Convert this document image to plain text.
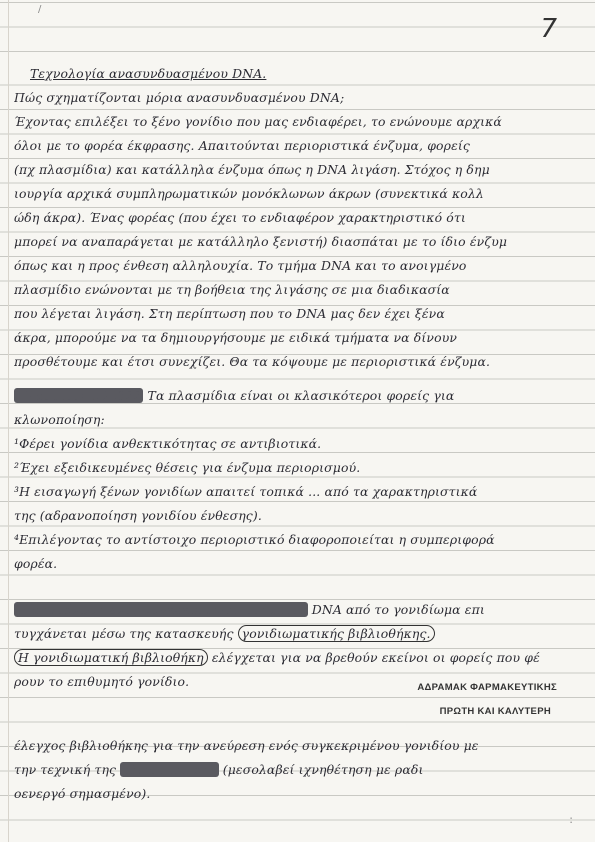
/
7
Τεχνολογία ανασυνδυασμένου DNA.
Πώς σχηματίζονται μόρια ανασυνδυασμένου DNA;
Έχοντας επιλέξει το ξένο γονίδιο που μας ενδιαφέρει, το ενώνουμε αρχικά
όλοι με το φορέα έκφρασης. Απαιτούνται περιοριστικά ένζυμα, φορείς
(πχ πλασμίδια) και κατάλληλα ένζυμα όπως η DNA λιγάση. Στόχος η δημ
ιουργία αρχικά συμπληρωματικών μονόκλωνων άκρων (συνεκτικά κολλ
ώδη άκρα). Ένας φορέας (που έχει το ενδιαφέρον χαρακτηριστικό ότι
μπορεί να αναπαράγεται με κατάλληλο ξενιστή) διασπάται με το ίδιο ένζυμ
όπως και η προς ένθεση αλληλουχία. Το τμήμα DNA και το ανοιγμένο
πλασμίδιο ενώνονται με τη βοήθεια της λιγάσης σε μια διαδικασία
που λέγεται λιγάση. Στη περίπτωση που το DNA μας δεν έχει ξένα
άκρα, μπορούμε να τα δημιουργήσουμε με ειδικά τμήματα να δίνουν
προσθέτουμε και έτσι συνεχίζει. Θα τα κόψουμε με περιοριστικά ένζυμα.
Πλασμίδια pBR322 Τα πλασμίδια είναι οι κλασικότεροι φορείς για
κλωνοποίηση:
¹Φέρει γονίδια ανθεκτικότητας σε αντιβιοτικά.
²Έχει εξειδικευμένες θέσεις για ένζυμα περιορισμού.
³Η εισαγωγή ξένων γονιδίων απαιτεί τοπικά ... από τα χαρακτηριστικά
της (αδρανοποίηση γονιδίου ένθεσης).
⁴Επιλέγοντας το αντίστοιχο περιοριστικό διαφοροποιείται η συμπεριφορά
φορέα.
Η απομόνωση ενός συγκεκριμένου τμήματος DNA από το γονιδίωμα επι
τυγχάνεται μέσω της κατασκευής γονιδιωματικής βιβλιοθήκης.
Η γονιδιωματική βιβλιοθήκη ελέγχεται για να βρεθούν εκείνοι οι φορείς που φέ
ρουν το επιθυμητό γονίδιο.	ΑΔΡΑΜΑΚ ΦΑΡΜΑΚΕΥΤΙΚΗΣ
ΠΡΩΤΗ ΚΑΙ ΚΑΛΥΤΕΡΗ
έλεγχος βιβλιοθήκης για την ανεύρεση ενός συγκεκριμένου γονιδίου με
την τεχνική της υβριδοποίησης (μεσολαβεί ιχνηθέτηση με ραδι
οενεργό σημασμένο).
:
